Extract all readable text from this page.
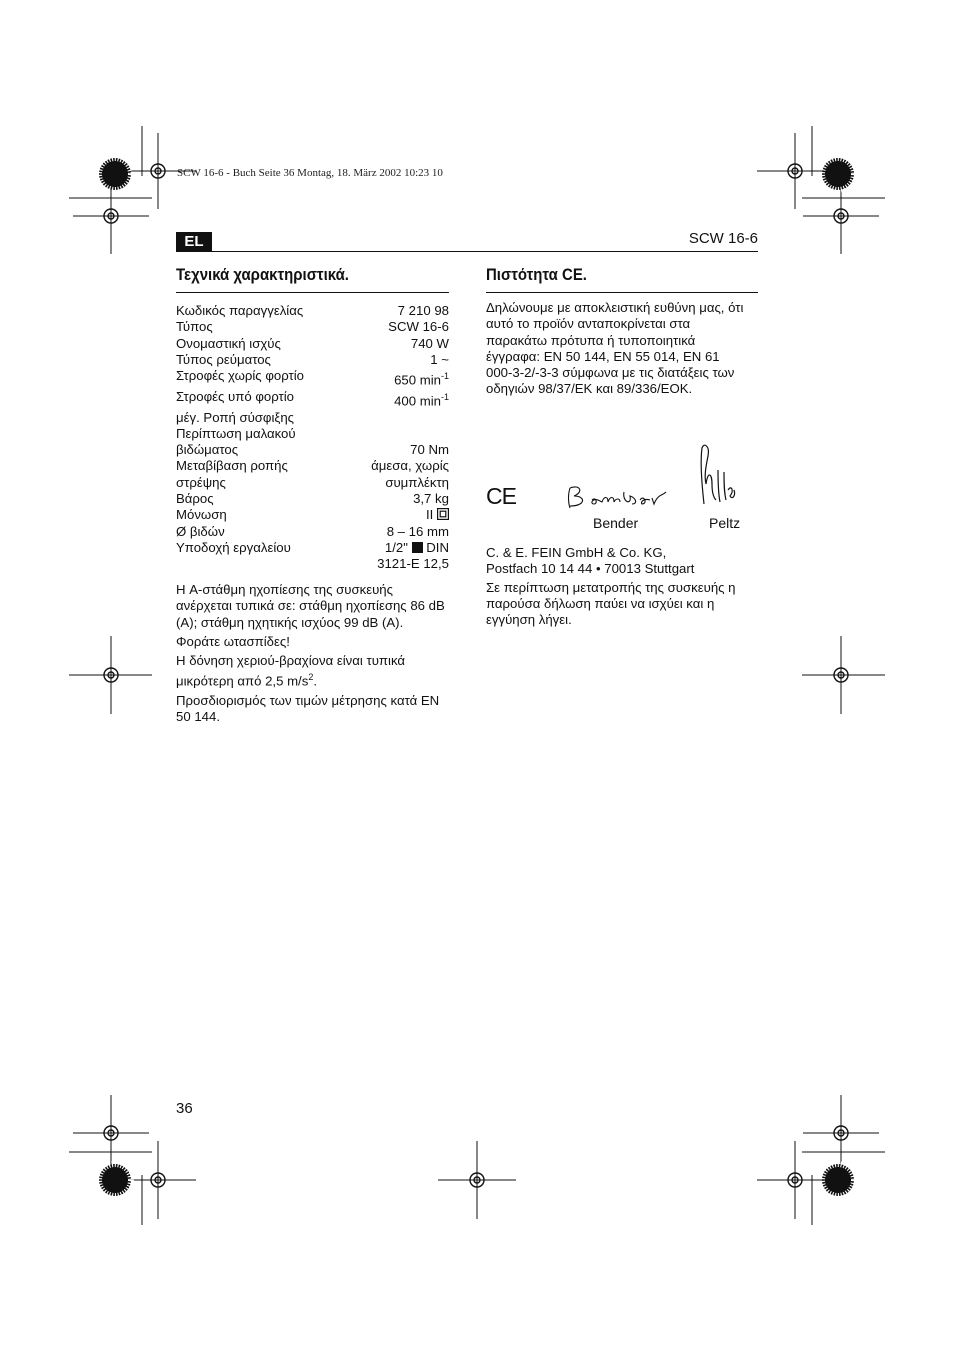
SCW 16-6 - Buch Seite 36 Montag, 18. März 2002 10:23 10
EL	SCW 16-6
Τεχνικά χαρακτηριστικά.
Κωδικός παραγγελίας	7 210 98
Τύπος	SCW 16-6
Ονομαστική ισχύς	740 W
Τύπος ρεύματος	1 ~
Στροφές χωρίς φορτίο	650 $\min^{-1}$
Στροφές υπό φορτίο	400 $\min^{-1}$
μέγ. Ροπή σύσφιξης
Περίπτωση μαλακού
βιδώματος	70 Nm
Μεταβίβαση ροπής	άμεσα, χωρίς
στρέψης	συμπλέκτη
Βάρος	3,7 kg
Μόνωση	II
Ø βιδών	8 – 16 mm
Υποδοχή εργαλείου	1/2" DIN
3121-E 12,5

Η A-στάθμη ηχοπίεσης της συσκευής ανέρχεται τυπικά σε: στάθμη ηχοπίεσης 86 dB (A); στάθμη ηχητικής ισχύος 99 dB (A).

Φοράτε ωτασπίδες!

Η δόνηση χεριού-βραχίονα είναι τυπικά μικρότερη από 2,5 $m/s^2$.

Προσδιορισμός των τιμών μέτρησης κατά EN 50 144.

Πιστότητα CE.
Δηλώνουμε με αποκλειστική ευθύνη μας, ότι αυτό το προϊόν ανταποκρίνεται στα παρακάτω πρότυπα ή τυποποιητικά έγγραφα: EN 50 144, EN 55 014, EN 61 000-3-2/-3-3 σύμφωνα με τις διατάξεις των οδηγιών 98/37/EK και 89/336/EOK.
CE
Bender	Peltz
C. & E. FEIN GmbH & Co. KG,
Postfach 10 14 44 • 70013 Stuttgart
Σε περίπτωση μετατροπής της συσκευής η παρούσα δήλωση παύει να ισχύει και η εγγύηση λήγει.
36
